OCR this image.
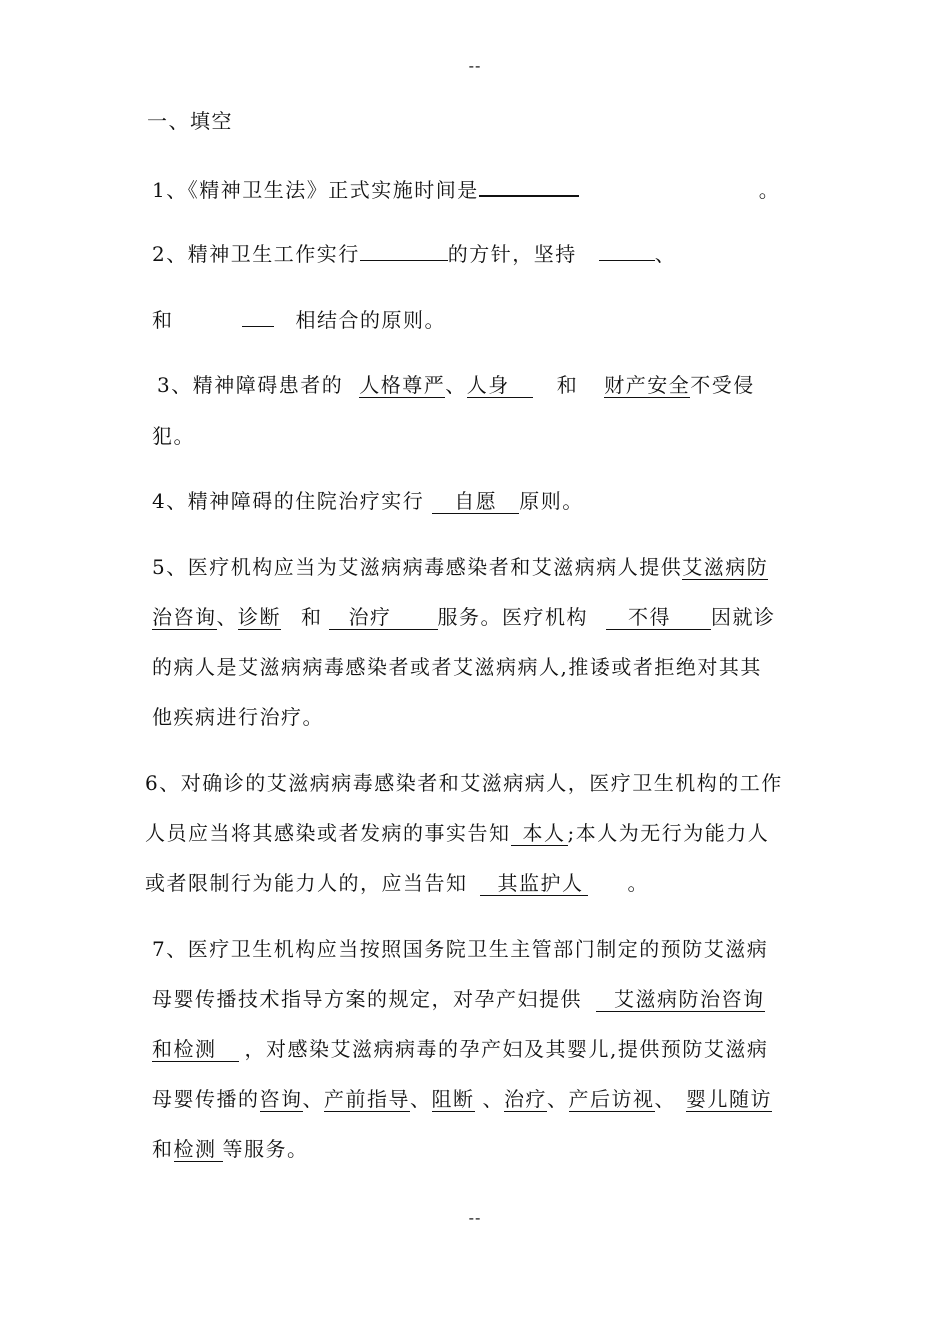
--
一、填空
1、《精神卫生法》正式实施时间是	。
2、精神卫生工作实行	的方针，坚持	、
和	相结合的原则。
3、精神障碍患者的 人格尊严、人身 和 财产安全不受侵
犯。
4、精神障碍的住院治疗实行 自愿 原则。
5、医疗机构应当为艾滋病病毒感染者和艾滋病病人提供艾滋病防
治咨询、诊断 和 治疗 服务。医疗机构 不得 因就诊
的病人是艾滋病病毒感染者或者艾滋病病人,推诿或者拒绝对其其
他疾病进行治疗。
6、对确诊的艾滋病病毒感染者和艾滋病病人，医疗卫生机构的工作
人员应当将其感染或者发病的事实告知 本人 ;本人为无行为能力人
或者限制行为能力人的，应当告知 其监护人 。
7、医疗卫生机构应当按照国务院卫生主管部门制定的预防艾滋病
母婴传播技术指导方案的规定，对孕产妇提供 艾滋病防治咨询
和检测 ，对感染艾滋病病毒的孕产妇及其婴儿,提供预防艾滋病
母婴传播的咨询、产前指导、阻断 、治疗、产后访视、 婴儿随访
和检测 等服务。
--
